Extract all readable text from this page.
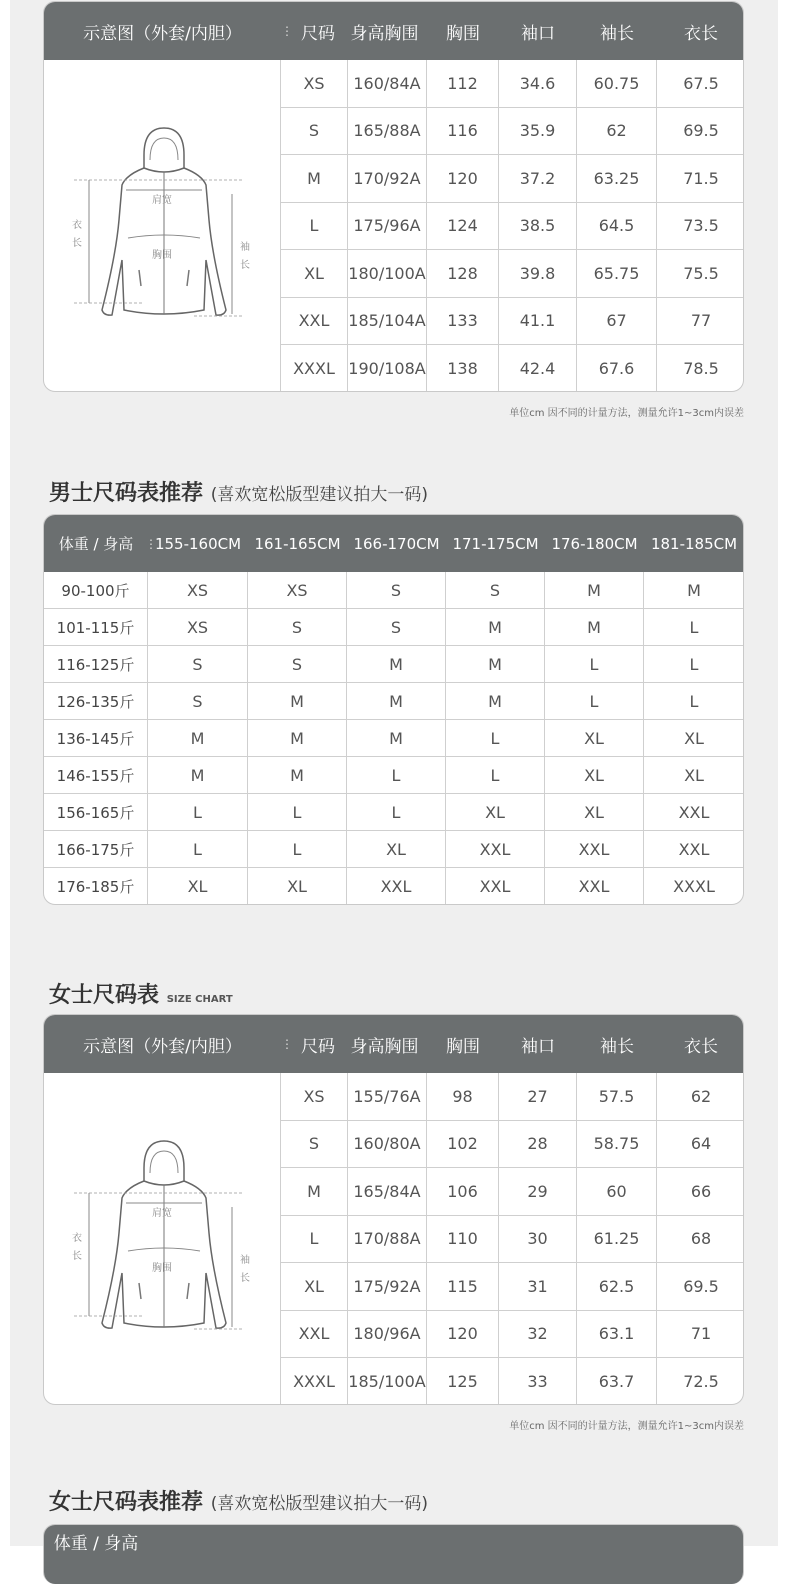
示意图（外套/内胆）	尺码 身高胸围	胸围	袖口	袖长	衣长
⋮
肩宽
胸围
衣
长	袖
长
XS	160/84A	112	34.6	60.75	67.5
S	165/88A	116	35.9	62	69.5
M	170/92A	120	37.2	63.25	71.5
L	175/96A	124	38.5	64.5	73.5
XL	180/100A	128	39.8	65.75	75.5
XXL	185/104A	133	41.1	67	77
XXXL 190/108A	138	42.4	67.6	78.5
单位cm 因不同的计量方法，测量允许1~3cm内误差
男士尺码表推荐 (喜欢宽松版型建议拍大一码)
体重 / 身高	155-160CM 161-165CM 166-170CM 171-175CM 176-180CM 181-185CM
⋮
90-100斤	XS	XS	S	S	M	M
101-115斤	XS	S	S	M	M	L
116-125斤	S	S	M	M	L	L
126-135斤	S	M	M	M	L	L
136-145斤	M	M	M	L	XL	XL
146-155斤	M	M	L	L	XL	XL
156-165斤	L	L	L	XL	XL	XXL
166-175斤	L	L	XL	XXL	XXL	XXL
176-185斤	XL	XL	XXL	XXL	XXL	XXXL
女士尺码表 SIZE CHART
示意图（外套/内胆）	尺码 身高胸围	胸围	袖口	袖长	衣长
⋮
肩宽
胸围
衣
长	袖
长
XS	155/76A	98	27	57.5	62
S	160/80A	102	28	58.75	64
M	165/84A	106	29	60	66
L	170/88A	110	30	61.25	68
XL	175/92A	115	31	62.5	69.5
XXL	180/96A	120	32	63.1	71
XXXL 185/100A	125	33	63.7	72.5
单位cm 因不同的计量方法，测量允许1~3cm内误差
女士尺码表推荐 (喜欢宽松版型建议拍大一码)
体重 / 身高
